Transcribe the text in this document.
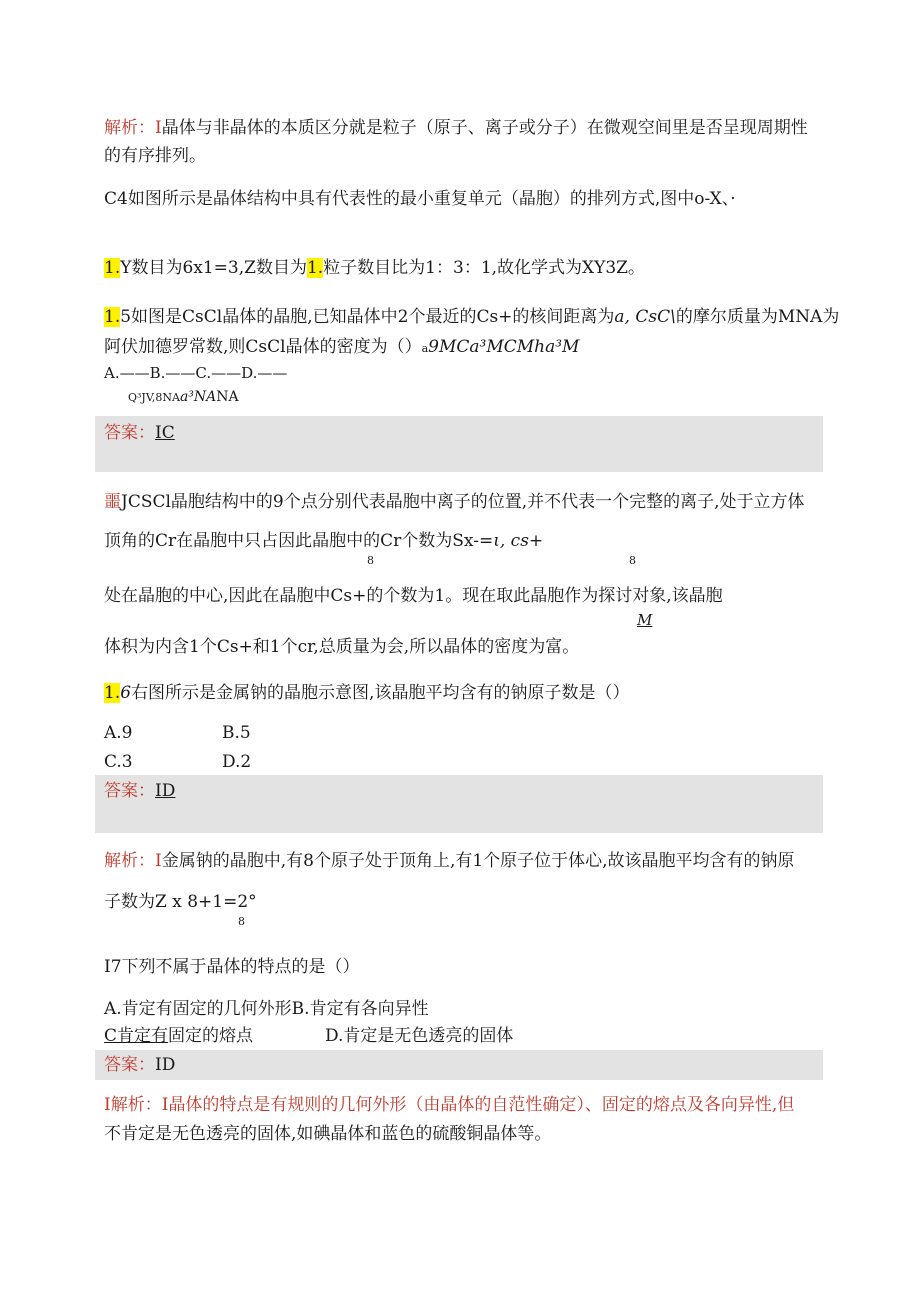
解析：I晶体与非晶体的本质区分就是粒子（原子、离子或分子）在微观空间里是否呈现周期性
的有序排列。
C4如图所示是晶体结构中具有代表性的最小重复单元（晶胞）的排列方式,图中o-X、·
1.Y数目为6x1=3,Z数目为1.粒子数目比为1：3：1,故化学式为XY3Z。
1.5如图是CsCl晶体的晶胞,已知晶体中2个最近的Cs+的核间距离为a, CsC\的摩尔质量为MNA为
阿伏加德罗常数,则CsCl晶体的密度为（）a9MCa³MCMha³M
A.——B.——C.——D.——
Q³JV,8NAa³NANA
答案：IC
噩JCSCl晶胞结构中的9个点分别代表晶胞中离子的位置,并不代表一个完整的离子,处于立方体
顶角的Cr在晶胞中只占因此晶胞中的Cr个数为Sx-=ι, cs+
8	8
处在晶胞的中心,因此在晶胞中Cs+的个数为1。现在取此晶胞作为探讨对象,该晶胞
M
体积为内含1个Cs+和1个cr,总质量为会,所以晶体的密度为富。
1.6右图所示是金属钠的晶胞示意图,该晶胞平均含有的钠原子数是（）
A.9	B.5
C.3	D.2
答案：ID
解析：I金属钠的晶胞中,有8个原子处于顶角上,有1个原子位于体心,故该晶胞平均含有的钠原
子数为Z x 8+1=2°
8
I7下列不属于晶体的特点的是（）
A.肯定有固定的几何外形B.肯定有各向异性
C肯定有固定的熔点	D.肯定是无色透亮的固体
答案：ID
I解析：I晶体的特点是有规则的几何外形（由晶体的自范性确定）、固定的熔点及各向异性,但
不肯定是无色透亮的固体,如碘晶体和蓝色的硫酸铜晶体等。
